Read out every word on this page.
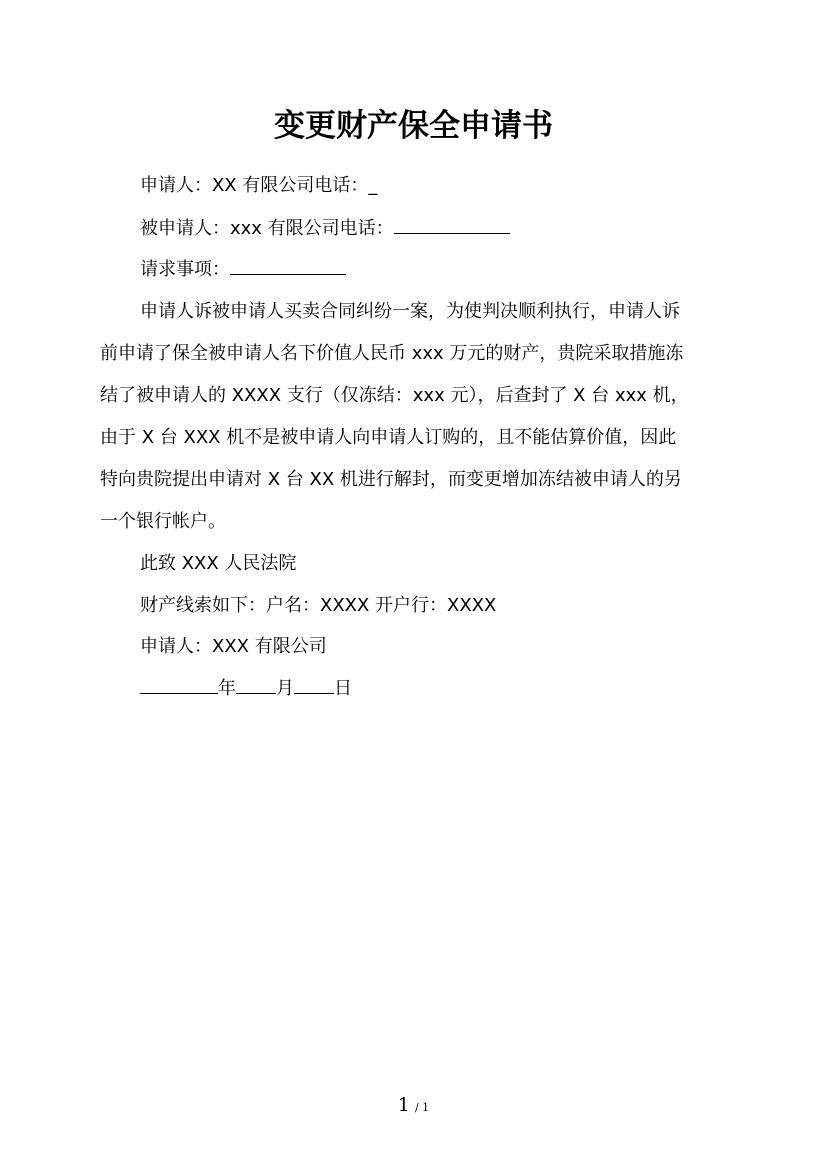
变更财产保全申请书
申请人：XX 有限公司电话：_
被申请人：xxx 有限公司电话：
请求事项：
申请人诉被申请人买卖合同纠纷一案，为使判决顺利执行，申请人诉
前申请了保全被申请人名下价值人民币 xxx 万元的财产，贵院采取措施冻
结了被申请人的 XXXX 支行（仅冻结：xxx 元），后查封了 X 台 xxx 机，
由于 X 台 XXX 机不是被申请人向申请人订购的，且不能估算价值，因此
特向贵院提出申请对 X 台 XX 机进行解封，而变更增加冻结被申请人的另
一个银行帐户。
此致 XXX 人民法院
财产线索如下：户名：XXXX 开户行：XXXX
申请人：XXX 有限公司
年 月 日
1 / 1
